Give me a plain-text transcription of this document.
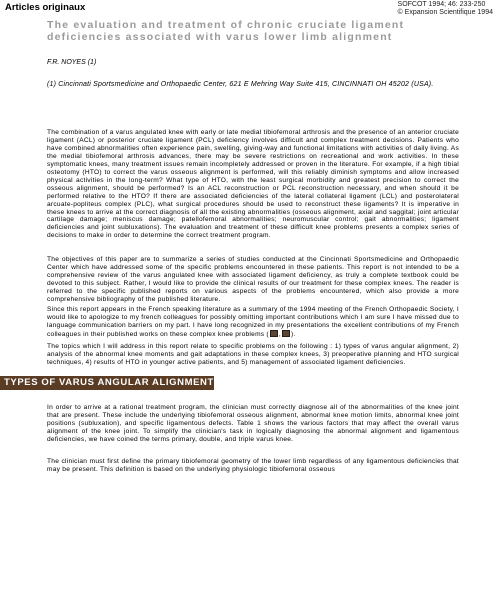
Articles originaux	SOFCOT 1994; 46: 233-250
© Expansion Scientifique 1994
The evaluation and treatment of chronic cruciate ligament deficiencies associated with varus lower limb alignment
F.R. NOYES (1)
(1) Cincinnati Sportsmedicine and Orthopaedic Center, 621 E Mehring Way Suite 415, CINCINNATI OH 45202 (USA).

The combination of a varus angulated knee with early or late medial tibiofemoral arthrosis and the presence of an anterior cruciate ligament (ACL) or posterior cruciate ligament (PCL) deficiency involves difficult and complex treatment decisions. Patients who have combined abnormalities often experience pain, swelling, giving-way and functional limitations with activities of daily living. As the medial tibiofemoral arthrosis advances, there may be severe restrictions on recreational and work activities. In these symptomatic knees, many treatment issues remain incompletely addressed or proven in the literature. For example, if a high tibial osteotomy (HTO) to correct the varus osseous alignment is performed, will this reliably diminish symptoms and allow increased physical activities in the long-term? What type of HTO, with the least surgical morbidity and greatest precision to correct the osseous alignment, should be performed? Is an ACL reconstruction or PCL reconstruction necessary, and when should it be performed relative to the HTO? If there are associated deficiencies of the lateral collateral ligament (LCL) and posterolateral arcuate-popliteus complex (PLC), what surgical procedures should be used to reconstruct these ligaments? It is imperative in these knees to arrive at the correct diagnosis of all the existing abnormalities (osseous alignment, axial and saggital; joint articular cartilage damage; meniscus damage; patellofemoral abnormalities; neuromuscular control; gait abnormalities; ligament deficiencies and joint subluxations). The evaluation and treatment of these difficult knee problems presents a complex series of decisions to make in order to determine the correct treatment program.

The objectives of this paper are to summarize a series of studies conducted at the Cincinnati Sportsmedicine and Orthopaedic Center which have addressed some of the specific problems encountered in these patients. This report is not intended to be a comprehensive review of the varus angulated knee with associated ligament deficiency, as truly a complete textbook could be devoted to this subject. Rather, I would like to provide the clinical results of our treatment for these complex knees. The reader is referred to the specific published reports on various aspects of the problems encountered, which also provide a more comprehensive bibliography of the published literature.

Since this report appears in the French speaking literature as a summary of the 1994 meeting of the French Orthopaedic Society, I would like to apologize to my french colleagues for possibly omitting important contributions which I am sure I have missed due to language communication barriers on my part. I have long recognized in my presentations the excellent contributions of my French colleagues in their published works on these complex knee problems ( , ).

The topics which I will address in this report relate to specific problems on the following : 1) types of varus angular alignment, 2) analysis of the abnormal knee moments and gait adaptations in these complex knees, 3) preoperative planning and HTO surgical techniques, 4) results of HTO in younger active patients, and 5) management of associated ligament deficiencies.

TYPES OF VARUS ANGULAR ALIGNMENT

In order to arrive at a rational treatment program, the clinician must correctly diagnose all of the abnormalities of the knee joint that are present. These include the underlying tibiofemoral osseous alignment, abnormal knee motion limits, abnormal knee joint positions (subluxation), and specific ligamentous defects. Table 1 shows the various factors that may affect the overall varus alignment of the knee joint. To simplify the clinician's task in logically diagnosing the abnormal alignment and ligamentous deficiencies, we have coined the terms primary, double, and triple varus knee.

The clinician must first define the primary tibiofemoral geometry of the lower limb regardless of any ligamentous deficiencies that may be present. This definition is based on the underlying physiologic tibiofemoral osseous
